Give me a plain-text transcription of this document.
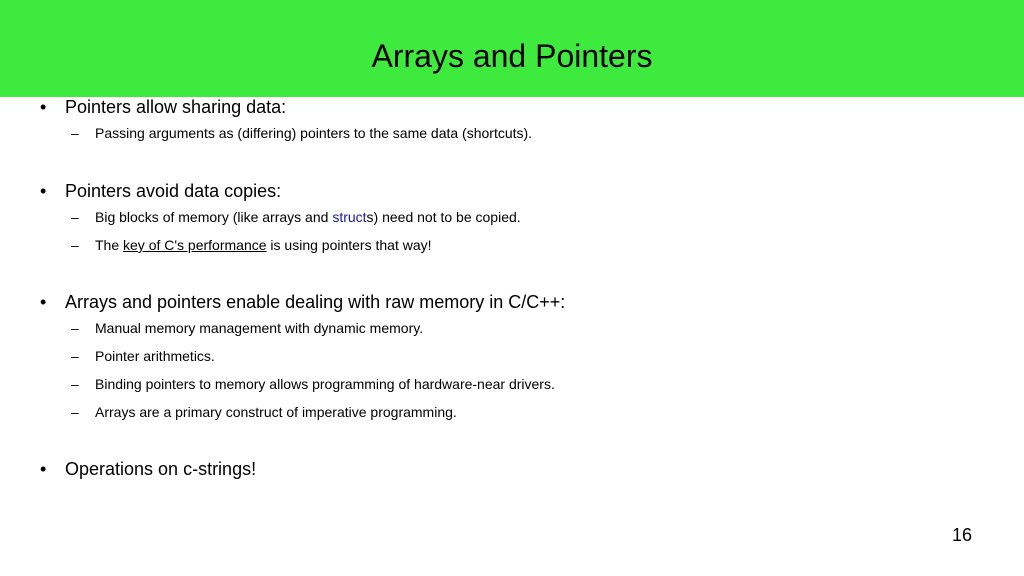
Arrays and Pointers
• Pointers allow sharing data:
– Passing arguments as (differing) pointers to the same data (shortcuts).
• Pointers avoid data copies:
– Big blocks of memory (like arrays and structs) need not to be copied.
– The key of C's performance is using pointers that way!
• Arrays and pointers enable dealing with raw memory in C/C++:
– Manual memory management with dynamic memory.
– Pointer arithmetics.
– Binding pointers to memory allows programming of hardware-near drivers.
– Arrays are a primary construct of imperative programming.
• Operations on c-strings!
16
